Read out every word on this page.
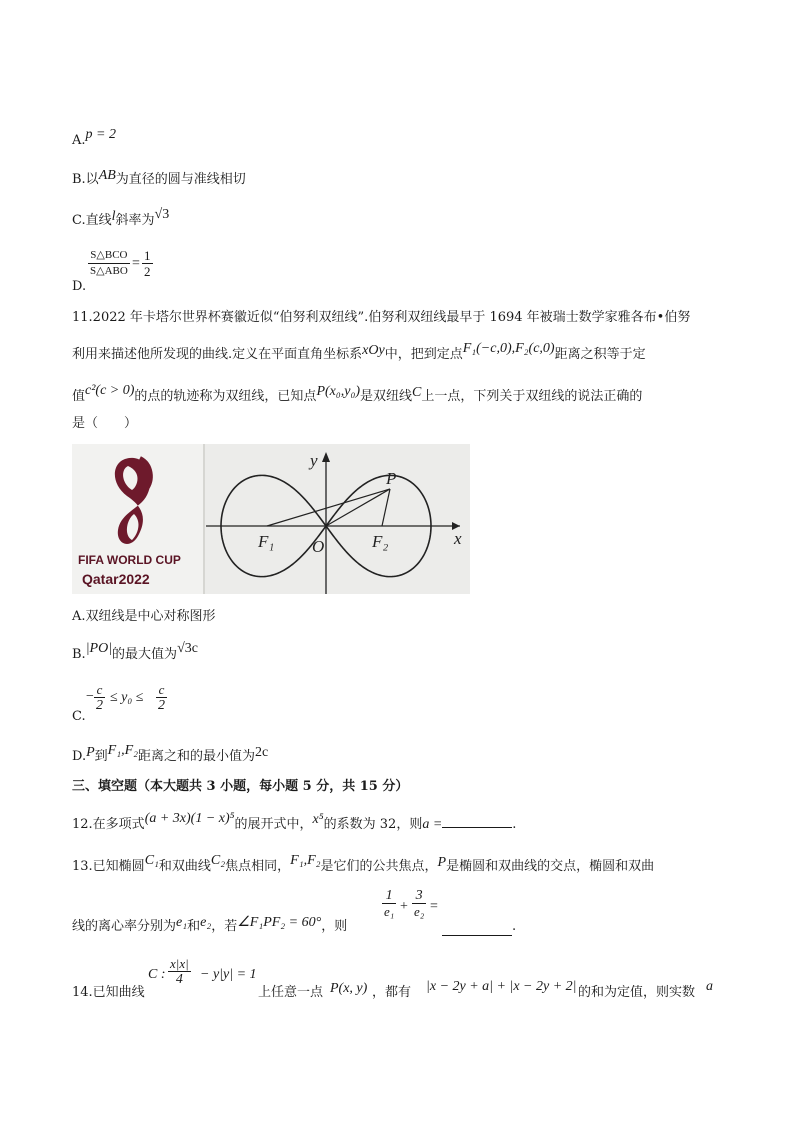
A.p = 2
B.以AB为直径的圆与准线相切
C.直线l斜率为√3
D.
S△BCO
S△ABO = $\frac{1}{2}$
11.2022 年卡塔尔世界杯赛徽近似“伯努利双纽线”.伯努利双纽线最早于 1694 年被瑞士数学家雅各布•伯努
利用来描述他所发现的曲线.定义在平面直角坐标系xOy中，把到定点F₁(−c,0),F₂(c,0)距离之积等于定
值c²(c > 0)的点的轨迹称为双纽线，已知点P(x₀,y₀)是双纽线C上一点，下列关于双纽线的说法正确的
是（　　）
FIFA WORLD CUP
Qatar2022
x
y
P
O
F₁	F₂
A.双纽线是中心对称图形
B.|PO|的最大值为√3c
C.
− $\frac{c}{2} \le y_0 \le \frac{c}{2}$
D.P到F₁,F₂距离之和的最小值为2c
三、填空题（本大题共 3 小题，每小题 5 分，共 15 分）
12.在多项式(a + 3x)(1 − x)⁵的展开式中，x⁵的系数为 32，则a =	.
13.已知椭圆C₁和双曲线C₂焦点相同，F₁,F₂是它们的公共焦点，P是椭圆和双曲线的交点，椭圆和双曲
线的离心率分别为e₁和e₂，若∠F₁PF₂ = 60°，则
$\frac{1}{\text{e₁}} + \frac{3}{\text{e₂}}$ =
.
14.已知曲线
C : $\frac{x|x|}{4} - y|y| = 1$
上任意一点 P(x, y) ，都有 |x − 2y + a| + |x − 2y + 2| 的和为定值，则实数 a
